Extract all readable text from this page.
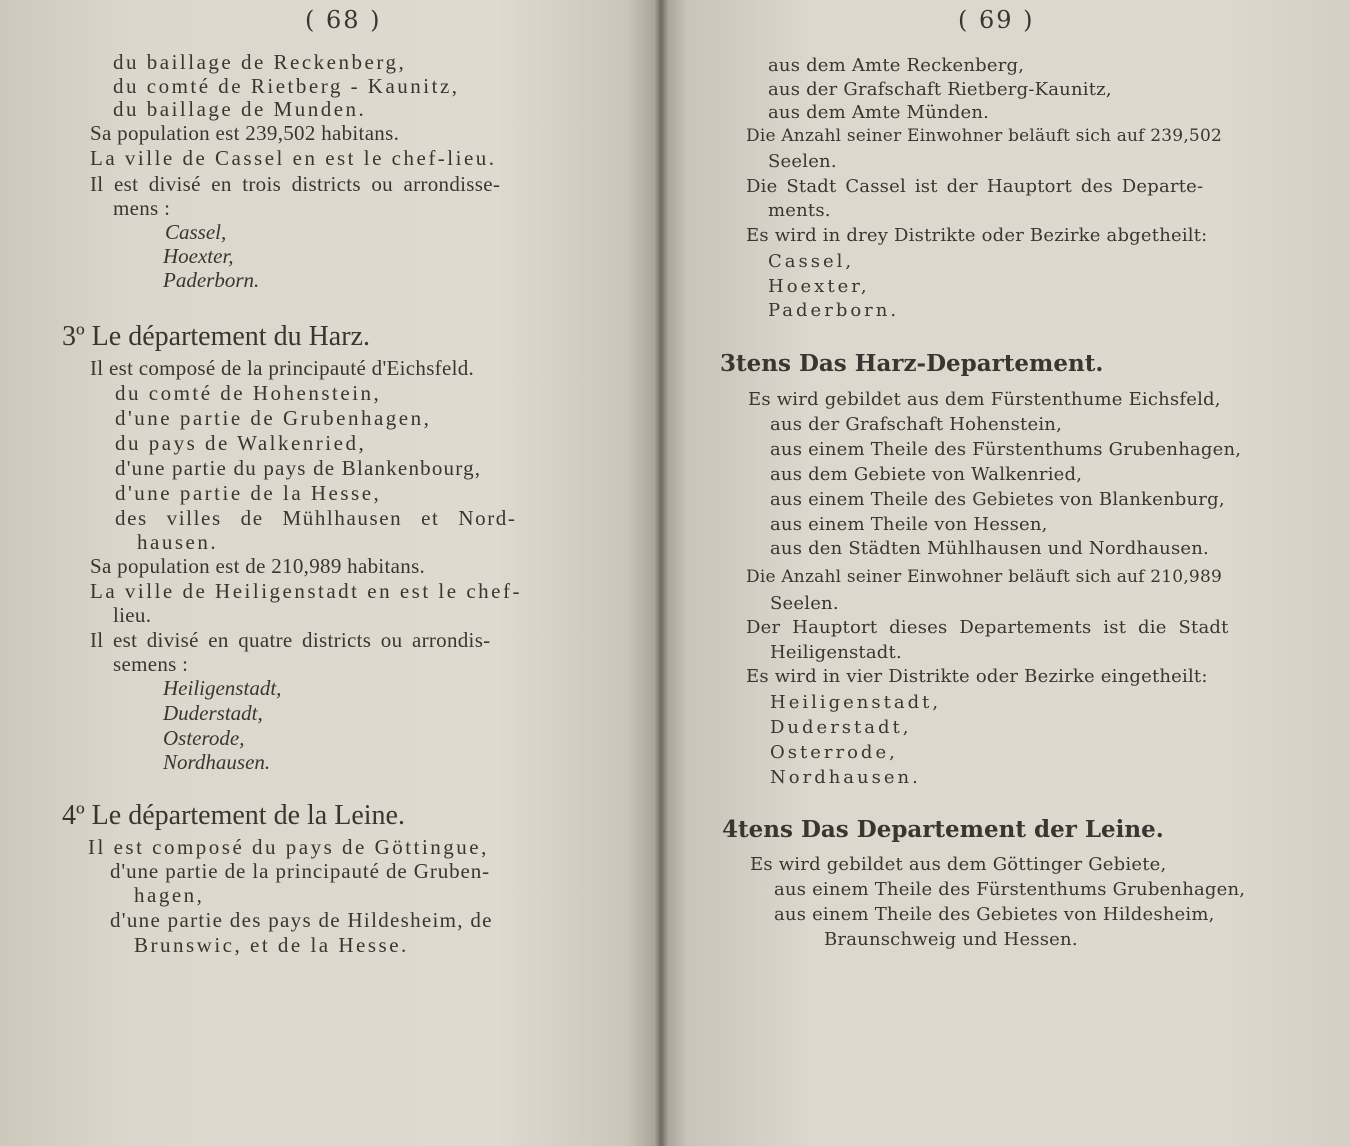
( 68 )
du baillage de Reckenberg,
du comté de Rietberg - Kaunitz,
du baillage de Munden.
Sa population est 239,502 habitans.
La ville de Cassel en est le chef-lieu.
Il est divisé en trois districts ou arrondisse-
mens :
Cassel,
Hoexter,
Paderborn.
3º Le département du Harz.
Il est composé de la principauté d'Eichsfeld.
du comté de Hohenstein,
d'une partie de Grubenhagen,
du pays de Walkenried,
d'une partie du pays de Blankenbourg,
d'une partie de la Hesse,
des villes de Mühlhausen et Nord-
hausen.
Sa population est de 210,989 habitans.
La ville de Heiligenstadt en est le chef-
lieu.
Il est divisé en quatre districts ou arrondis-
semens :
Heiligenstadt,
Duderstadt,
Osterode,
Nordhausen.
4º Le département de la Leine.
Il est composé du pays de Göttingue,
d'une partie de la principauté de Gruben-
hagen,
d'une partie des pays de Hildesheim, de
Brunswic, et de la Hesse.
( 69 )
aus dem Amte Reckenberg,
aus der Grafschaft Rietberg-Kaunitz,
aus dem Amte Münden.
Die Anzahl seiner Einwohner beläuft sich auf 239,502
Seelen.
Die Stadt Cassel ist der Hauptort des Departe-
ments.
Es wird in drey Distrikte oder Bezirke abgetheilt:
Cassel,
Hoexter,
Paderborn.
3tens Das Harz-Departement.
Es wird gebildet aus dem Fürstenthume Eichsfeld,
aus der Grafschaft Hohenstein,
aus einem Theile des Fürstenthums Grubenhagen,
aus dem Gebiete von Walkenried,
aus einem Theile des Gebietes von Blankenburg,
aus einem Theile von Hessen,
aus den Städten Mühlhausen und Nordhausen.
Die Anzahl seiner Einwohner beläuft sich auf 210,989
Seelen.
Der Hauptort dieses Departements ist die Stadt
Heiligenstadt.
Es wird in vier Distrikte oder Bezirke eingetheilt:
Heiligenstadt,
Duderstadt,
Osterrode,
Nordhausen.
4tens Das Departement der Leine.
Es wird gebildet aus dem Göttinger Gebiete,
aus einem Theile des Fürstenthums Grubenhagen,
aus einem Theile des Gebietes von Hildesheim,
Braunschweig und Hessen.
